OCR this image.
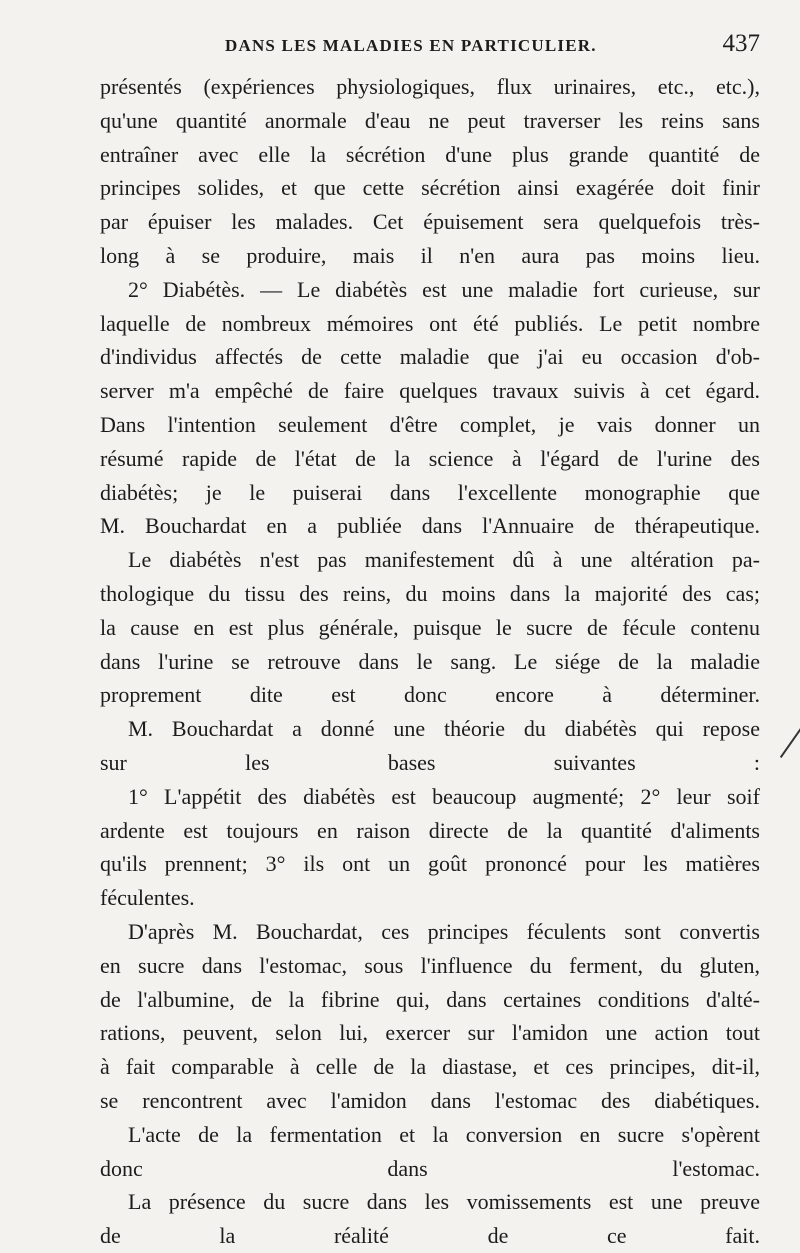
DANS LES MALADIES EN PARTICULIER.	437

présentés (expériences physiologiques, flux urinaires, etc., etc.),
qu'une quantité anormale d'eau ne peut traverser les reins sans
entraîner avec elle la sécrétion d'une plus grande quantité de
principes solides, et que cette sécrétion ainsi exagérée doit finir
par épuiser les malades. Cet épuisement sera quelquefois très-
long à se produire, mais il n'en aura pas moins lieu.

2° Diabétès. — Le diabétès est une maladie fort curieuse, sur
laquelle de nombreux mémoires ont été publiés. Le petit nombre
d'individus affectés de cette maladie que j'ai eu occasion d'ob-
server m'a empêché de faire quelques travaux suivis à cet égard.
Dans l'intention seulement d'être complet, je vais donner un
résumé rapide de l'état de la science à l'égard de l'urine des
diabétès; je le puiserai dans l'excellente monographie que
M. Bouchardat en a publiée dans l'Annuaire de thérapeutique.

Le diabétès n'est pas manifestement dû à une altération pa-
thologique du tissu des reins, du moins dans la majorité des cas;
la cause en est plus générale, puisque le sucre de fécule contenu
dans l'urine se retrouve dans le sang. Le siége de la maladie
proprement dite est donc encore à déterminer.

M. Bouchardat a donné une théorie du diabétès qui repose
sur les bases suivantes :

1° L'appétit des diabétès est beaucoup augmenté; 2° leur soif
ardente est toujours en raison directe de la quantité d'aliments
qu'ils prennent; 3° ils ont un goût prononcé pour les matières
féculentes.

D'après M. Bouchardat, ces principes féculents sont convertis
en sucre dans l'estomac, sous l'influence du ferment, du gluten,
de l'albumine, de la fibrine qui, dans certaines conditions d'alté-
rations, peuvent, selon lui, exercer sur l'amidon une action tout
à fait comparable à celle de la diastase, et ces principes, dit-il,
se rencontrent avec l'amidon dans l'estomac des diabétiques.

L'acte de la fermentation et la conversion en sucre s'opèrent
donc dans l'estomac.

La présence du sucre dans les vomissements est une preuve
de la réalité de ce fait.
